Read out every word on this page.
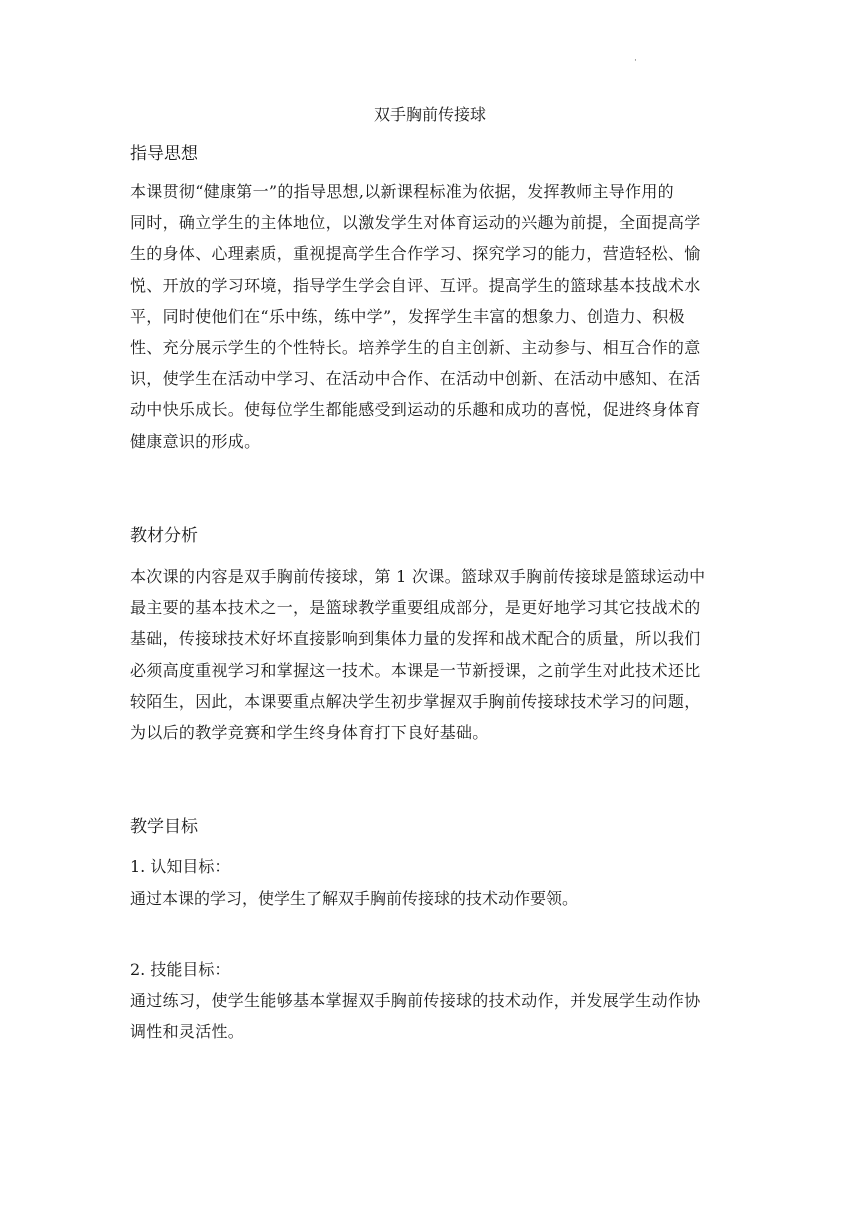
·
双手胸前传接球
指导思想
本课贯彻“健康第一”的指导思想,以新课程标准为依据，发挥教师主导作用的
同时，确立学生的主体地位，以激发学生对体育运动的兴趣为前提，全面提高学
生的身体、心理素质，重视提高学生合作学习、探究学习的能力，营造轻松、愉
悦、开放的学习环境，指导学生学会自评、互评。提高学生的篮球基本技战术水
平，同时使他们在“乐中练，练中学”，发挥学生丰富的想象力、创造力、积极
性、充分展示学生的个性特长。培养学生的自主创新、主动参与、相互合作的意
识，使学生在活动中学习、在活动中合作、在活动中创新、在活动中感知、在活
动中快乐成长。使每位学生都能感受到运动的乐趣和成功的喜悦，促进终身体育
健康意识的形成。
教材分析
本次课的内容是双手胸前传接球，第 1 次课。篮球双手胸前传接球是篮球运动中
最主要的基本技术之一，是篮球教学重要组成部分，是更好地学习其它技战术的
基础，传接球技术好坏直接影响到集体力量的发挥和战术配合的质量，所以我们
必须高度重视学习和掌握这一技术。本课是一节新授课，之前学生对此技术还比
较陌生，因此，本课要重点解决学生初步掌握双手胸前传接球技术学习的问题，
为以后的教学竞赛和学生终身体育打下良好基础。
教学目标

1. 认知目标：

通过本课的学习，使学生了解双手胸前传接球的技术动作要领。

2. 技能目标：

通过练习，使学生能够基本掌握双手胸前传接球的技术动作，并发展学生动作协
调性和灵活性。
